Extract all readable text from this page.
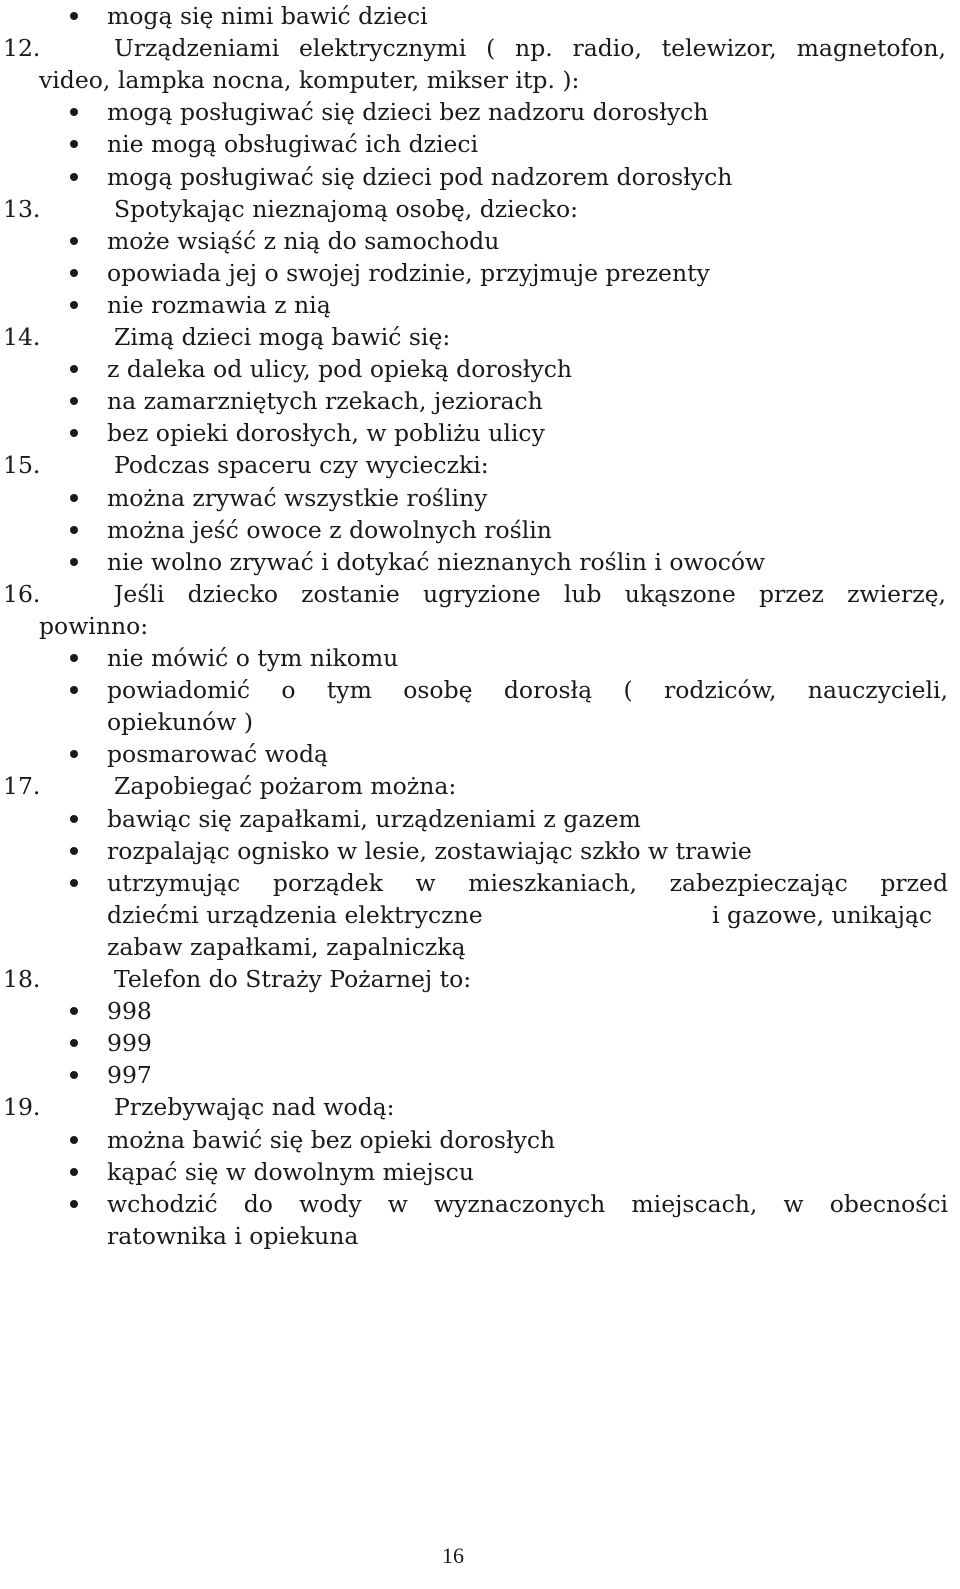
mogą się nimi bawić dzieci
12.	Urządzeniami elektrycznymi ( np. radio, telewizor, magnetofon,
video, lampka nocna, komputer, mikser itp. ):
mogą posługiwać się dzieci bez nadzoru dorosłych
nie mogą obsługiwać ich dzieci
mogą posługiwać się dzieci pod nadzorem dorosłych
13.	Spotykając nieznajomą osobę, dziecko:
może wsiąść z nią do samochodu
opowiada jej o swojej rodzinie, przyjmuje prezenty
nie rozmawia z nią
14.	Zimą dzieci mogą bawić się:
z daleka od ulicy, pod opieką dorosłych
na zamarzniętych rzekach, jeziorach
bez opieki dorosłych, w pobliżu ulicy
15.	Podczas spaceru czy wycieczki:
można zrywać wszystkie rośliny
można jeść owoce z dowolnych roślin
nie wolno zrywać i dotykać nieznanych roślin i owoców
16.	Jeśli dziecko zostanie ugryzione lub ukąszone przez zwierzę,
powinno:
nie mówić o tym nikomu
powiadomić o tym osobę dorosłą ( rodziców, nauczycieli,
opiekunów )
posmarować wodą
17.	Zapobiegać pożarom można:
bawiąc się zapałkami, urządzeniami z gazem
rozpalając ognisko w lesie, zostawiając szkło w trawie
utrzymując porządek w mieszkaniach, zabezpieczając przed
dziećmi urządzenia elektryczne	i gazowe, unikając
zabaw zapałkami, zapalniczką
18.	Telefon do Straży Pożarnej to:
998
999
997
19.	Przebywając nad wodą:
można bawić się bez opieki dorosłych
kąpać się w dowolnym miejscu
wchodzić do wody w wyznaczonych miejscach, w obecności
ratownika i opiekuna
16
